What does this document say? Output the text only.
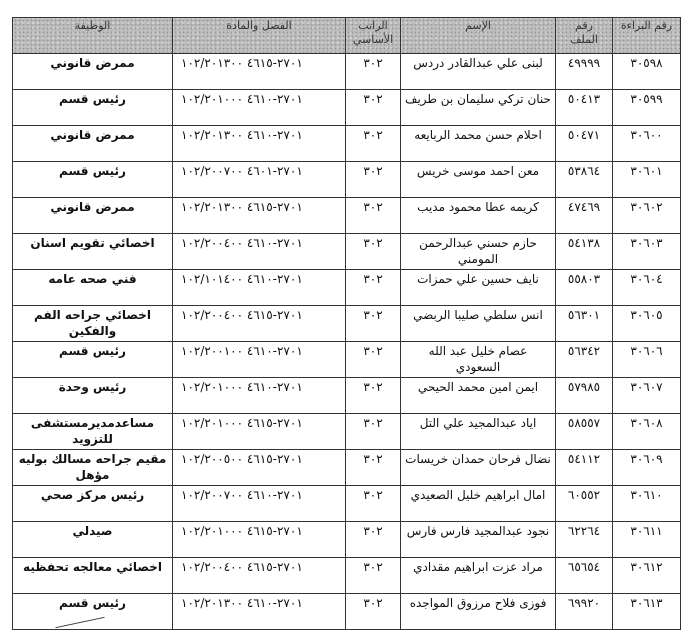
رقم البراءة	رقم الملف	الإسم	الراتب الأساسي	الفصل والمادة	الوظيفة
٣٠٥٩٨	٤٩٩٩٩	لبنى علي عبدالقادر دردس	٣٠٢	١٠٢/٢٠١٣٠٠ ٤٦١٥-٢٧٠١	ممرض قانوني
٣٠٥٩٩	٥٠٤١٣	حنان تركي سليمان بن طريف	٣٠٢	١٠٢/٢٠١٠٠٠ ٤٦١٠-٢٧٠١	رئيس قسم
٣٠٦٠٠	٥٠٤٧١	احلام حسن محمد الربايعه	٣٠٢	١٠٢/٢٠١٣٠٠ ٤٦١٠-٢٧٠١	ممرض قانوني
٣٠٦٠١	٥٣٨٦٤	معن احمد موسى خريس	٣٠٢	١٠٢/٢٠٠٧٠٠ ٤٦٠١-٢٧٠١	رئيس قسم
٣٠٦٠٢	٤٧٤٦٩	كريمه عطا محمود مديب	٣٠٢	١٠٢/٢٠١٣٠٠ ٤٦١٥-٢٧٠١	ممرض قانوني
٣٠٦٠٣	٥٤١٣٨	حازم حسني عبدالرحمن المومني	٣٠٢	١٠٢/٢٠٠٤٠٠ ٤٦١٠-٢٧٠١	اخصائي تقويم اسنان
٣٠٦٠٤	٥٥٨٠٣	نايف حسين علي حمزات	٣٠٢	١٠٢/١٠١٤٠٠ ٤٦١٠-٢٧٠١	فني صحه عامه
٣٠٦٠٥	٥٦٣٠١	انس سلطي صليبا الربضي	٣٠٢	١٠٢/٢٠٠٤٠٠ ٤٦١٥-٢٧٠١	اخصائي جراحه الفم والفكين
٣٠٦٠٦	٥٦٣٤٢	عصام خليل عبد الله السعودي	٣٠٢	١٠٢/٢٠٠١٠٠ ٤٦١٠-٢٧٠١	رئيس قسم
٣٠٦٠٧	٥٧٩٨٥	ايمن امين محمد الحيحي	٣٠٢	١٠٢/٢٠١٠٠٠ ٤٦١٠-٢٧٠١	رئيس وحدة
٣٠٦٠٨	٥٨٥٥٧	اياد عبدالمجيد علي التل	٣٠٢	١٠٢/٢٠١٠٠٠ ٤٦١٥-٢٧٠١	مساعدمديرمستشفى للتزويد
٣٠٦٠٩	٥٤١١٢	نضال فرحان حمدان خريسات	٣٠٢	١٠٢/٢٠٠٥٠٠ ٤٦١٥-٢٧٠١	مقيم جراحه مسالك بوليه مؤهل
٣٠٦١٠	٦٠٥٥٢	امال ابراهيم خليل الصعيدي	٣٠٢	١٠٢/٢٠٠٧٠٠ ٤٦١٠-٢٧٠١	رئيس مركز صحي
٣٠٦١١	٦٢٢٦٤	نجود عبدالمجيد فارس فارس	٣٠٢	١٠٢/٢٠١٠٠٠ ٤٦١٥-٢٧٠١	صيدلي
٣٠٦١٢	٦٥٦٥٤	مراد عزت ابراهيم مقدادي	٣٠٢	١٠٢/٢٠٠٤٠٠ ٤٦١٥-٢٧٠١	اخصائي معالجه تحفظيه
٣٠٦١٣	٦٩٩٢٠	فوزى فلاح مرزوق المواجده	٣٠٢	١٠٢/٢٠١٣٠٠ ٤٦١٠-٢٧٠١	رئيس قسم
